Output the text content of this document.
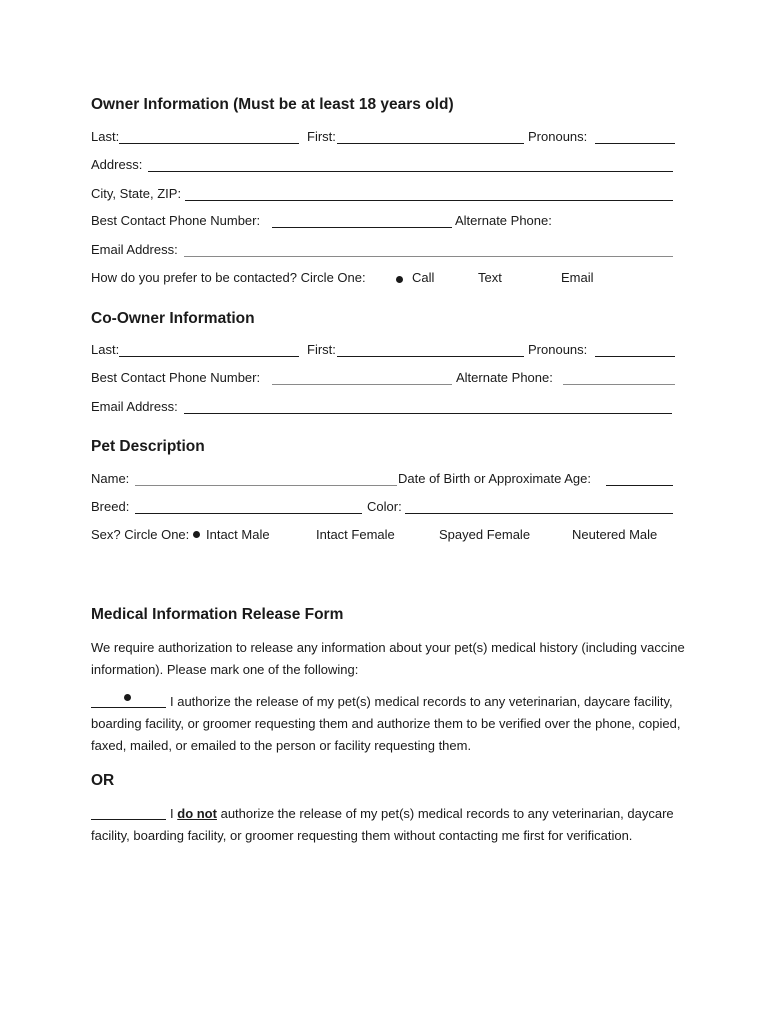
Owner Information (Must be at least 18 years old)
Last:	First:	Pronouns:
Address:
City, State, ZIP:
Best Contact Phone Number:	Alternate Phone:
Email Address:
How do you prefer to be contacted? Circle One:	Call	Text	Email
Co-Owner Information
Last:	First:	Pronouns:
Best Contact Phone Number:	Alternate Phone:
Email Address:
Pet Description
Name:	Date of Birth or Approximate Age:
Breed:	Color:
Sex? Circle One: Intact Male	Intact Female	Spayed Female	Neutered Male
Medical Information Release Form

We require authorization to release any information about your pet(s) medical history (including vaccine information). Please mark one of the following:

I authorize the release of my pet(s) medical records to any veterinarian, daycare facility, boarding facility, or groomer requesting them and authorize them to be verified over the phone, copied, faxed, mailed, or emailed to the person or facility requesting them.

OR

I do not authorize the release of my pet(s) medical records to any veterinarian, daycare facility, boarding facility, or groomer requesting them without contacting me first for verification.
